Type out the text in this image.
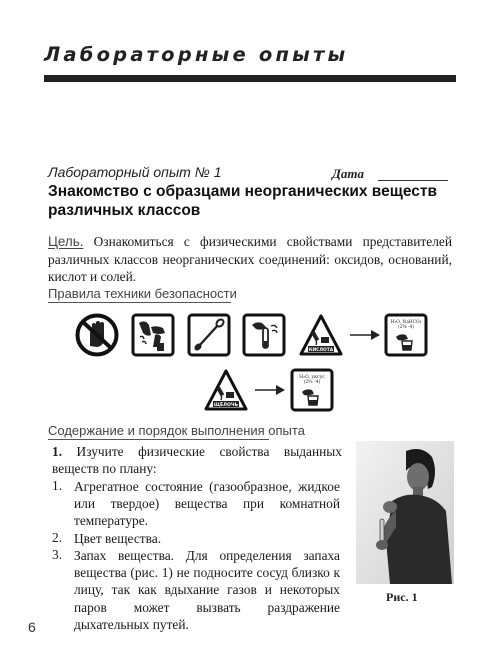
Лабораторные опыты
Лабораторный опыт № 1	Дата
Знакомство с образцами неорганических веществ различных классов
Цель. Ознакомиться с физическими свойствами представителей различных классов неорганических соединений: оксидов, оснований, кислот и солей.
Правила техники безопасности
КИСЛОТА
H₂O, NaHCO₃
(2% -4)
ЩЁЛОЧЬ
H₂O, уксус
(2% -4)
Содержание и порядок выполнения опыта
1. Изучите физические свойства выданных веществ по плану:
1. Агрегатное состояние (газообразное, жидкое или твердое) вещества при комнатной температуре.
2. Цвет вещества.
3. Запах вещества. Для определения запаха вещества (рис. 1) не подносите сосуд близко к лицу, так как вдыхание газов и некоторых паров может вызвать раздражение дыхательных путей.
Рис. 1
6
